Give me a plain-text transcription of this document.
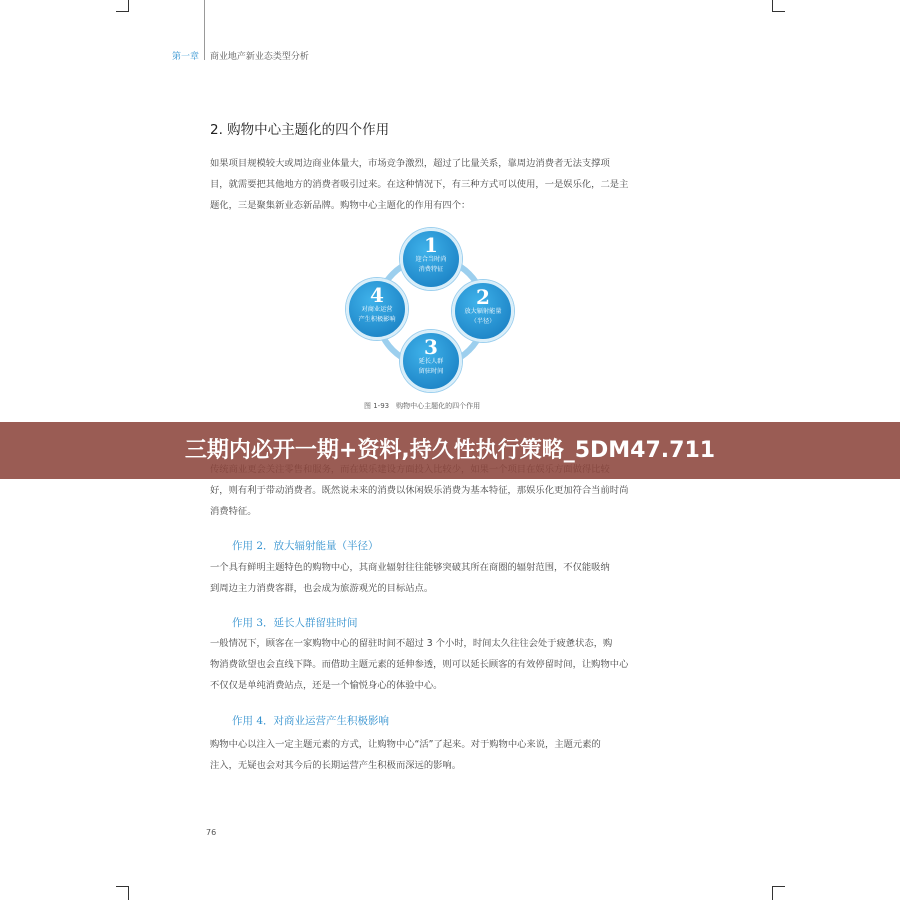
第一章 商业地产新业态类型分析
2. 购物中心主题化的四个作用
如果项目规模较大或周边商业体量大，市场竞争激烈，超过了比量关系，靠周边消费者无法支撑项
目，就需要把其他地方的消费者吸引过来。在这种情况下，有三种方式可以使用，一是娱乐化，二是主
题化，三是聚集新业态新品牌。购物中心主题化的作用有四个：
1
迎合当时尚
消费特征
2
放大辐射能量
（半径）
3
延长人群
留驻时间
4
对商业运营
产生积极影响
图 1-93　购物中心主题化的四个作用
好，则有利于带动消费者。既然说未来的消费以休闲娱乐消费为基本特征，那娱乐化更加符合当前时尚
消费特征。
作用 2．放大辐射能量（半径）
一个具有鲜明主题特色的购物中心，其商业辐射往往能够突破其所在商圈的辐射范围，不仅能吸纳
到周边主力消费客群，也会成为旅游观光的目标站点。
作用 3．延长人群留驻时间
一般情况下，顾客在一家购物中心的留驻时间不超过 3 个小时，时间太久往往会处于疲惫状态，购
物消费欲望也会直线下降。而借助主题元素的延伸参透，则可以延长顾客的有效停留时间，让购物中心
不仅仅是单纯消费站点，还是一个愉悦身心的体验中心。
作用 4．对商业运营产生积极影响
购物中心以注入一定主题元素的方式，让购物中心“活”了起来。对于购物中心来说，主题元素的
注入，无疑也会对其今后的长期运营产生积极而深远的影响。
76
三期内必开一期+资料,持久性执行策略_5DM47.711
